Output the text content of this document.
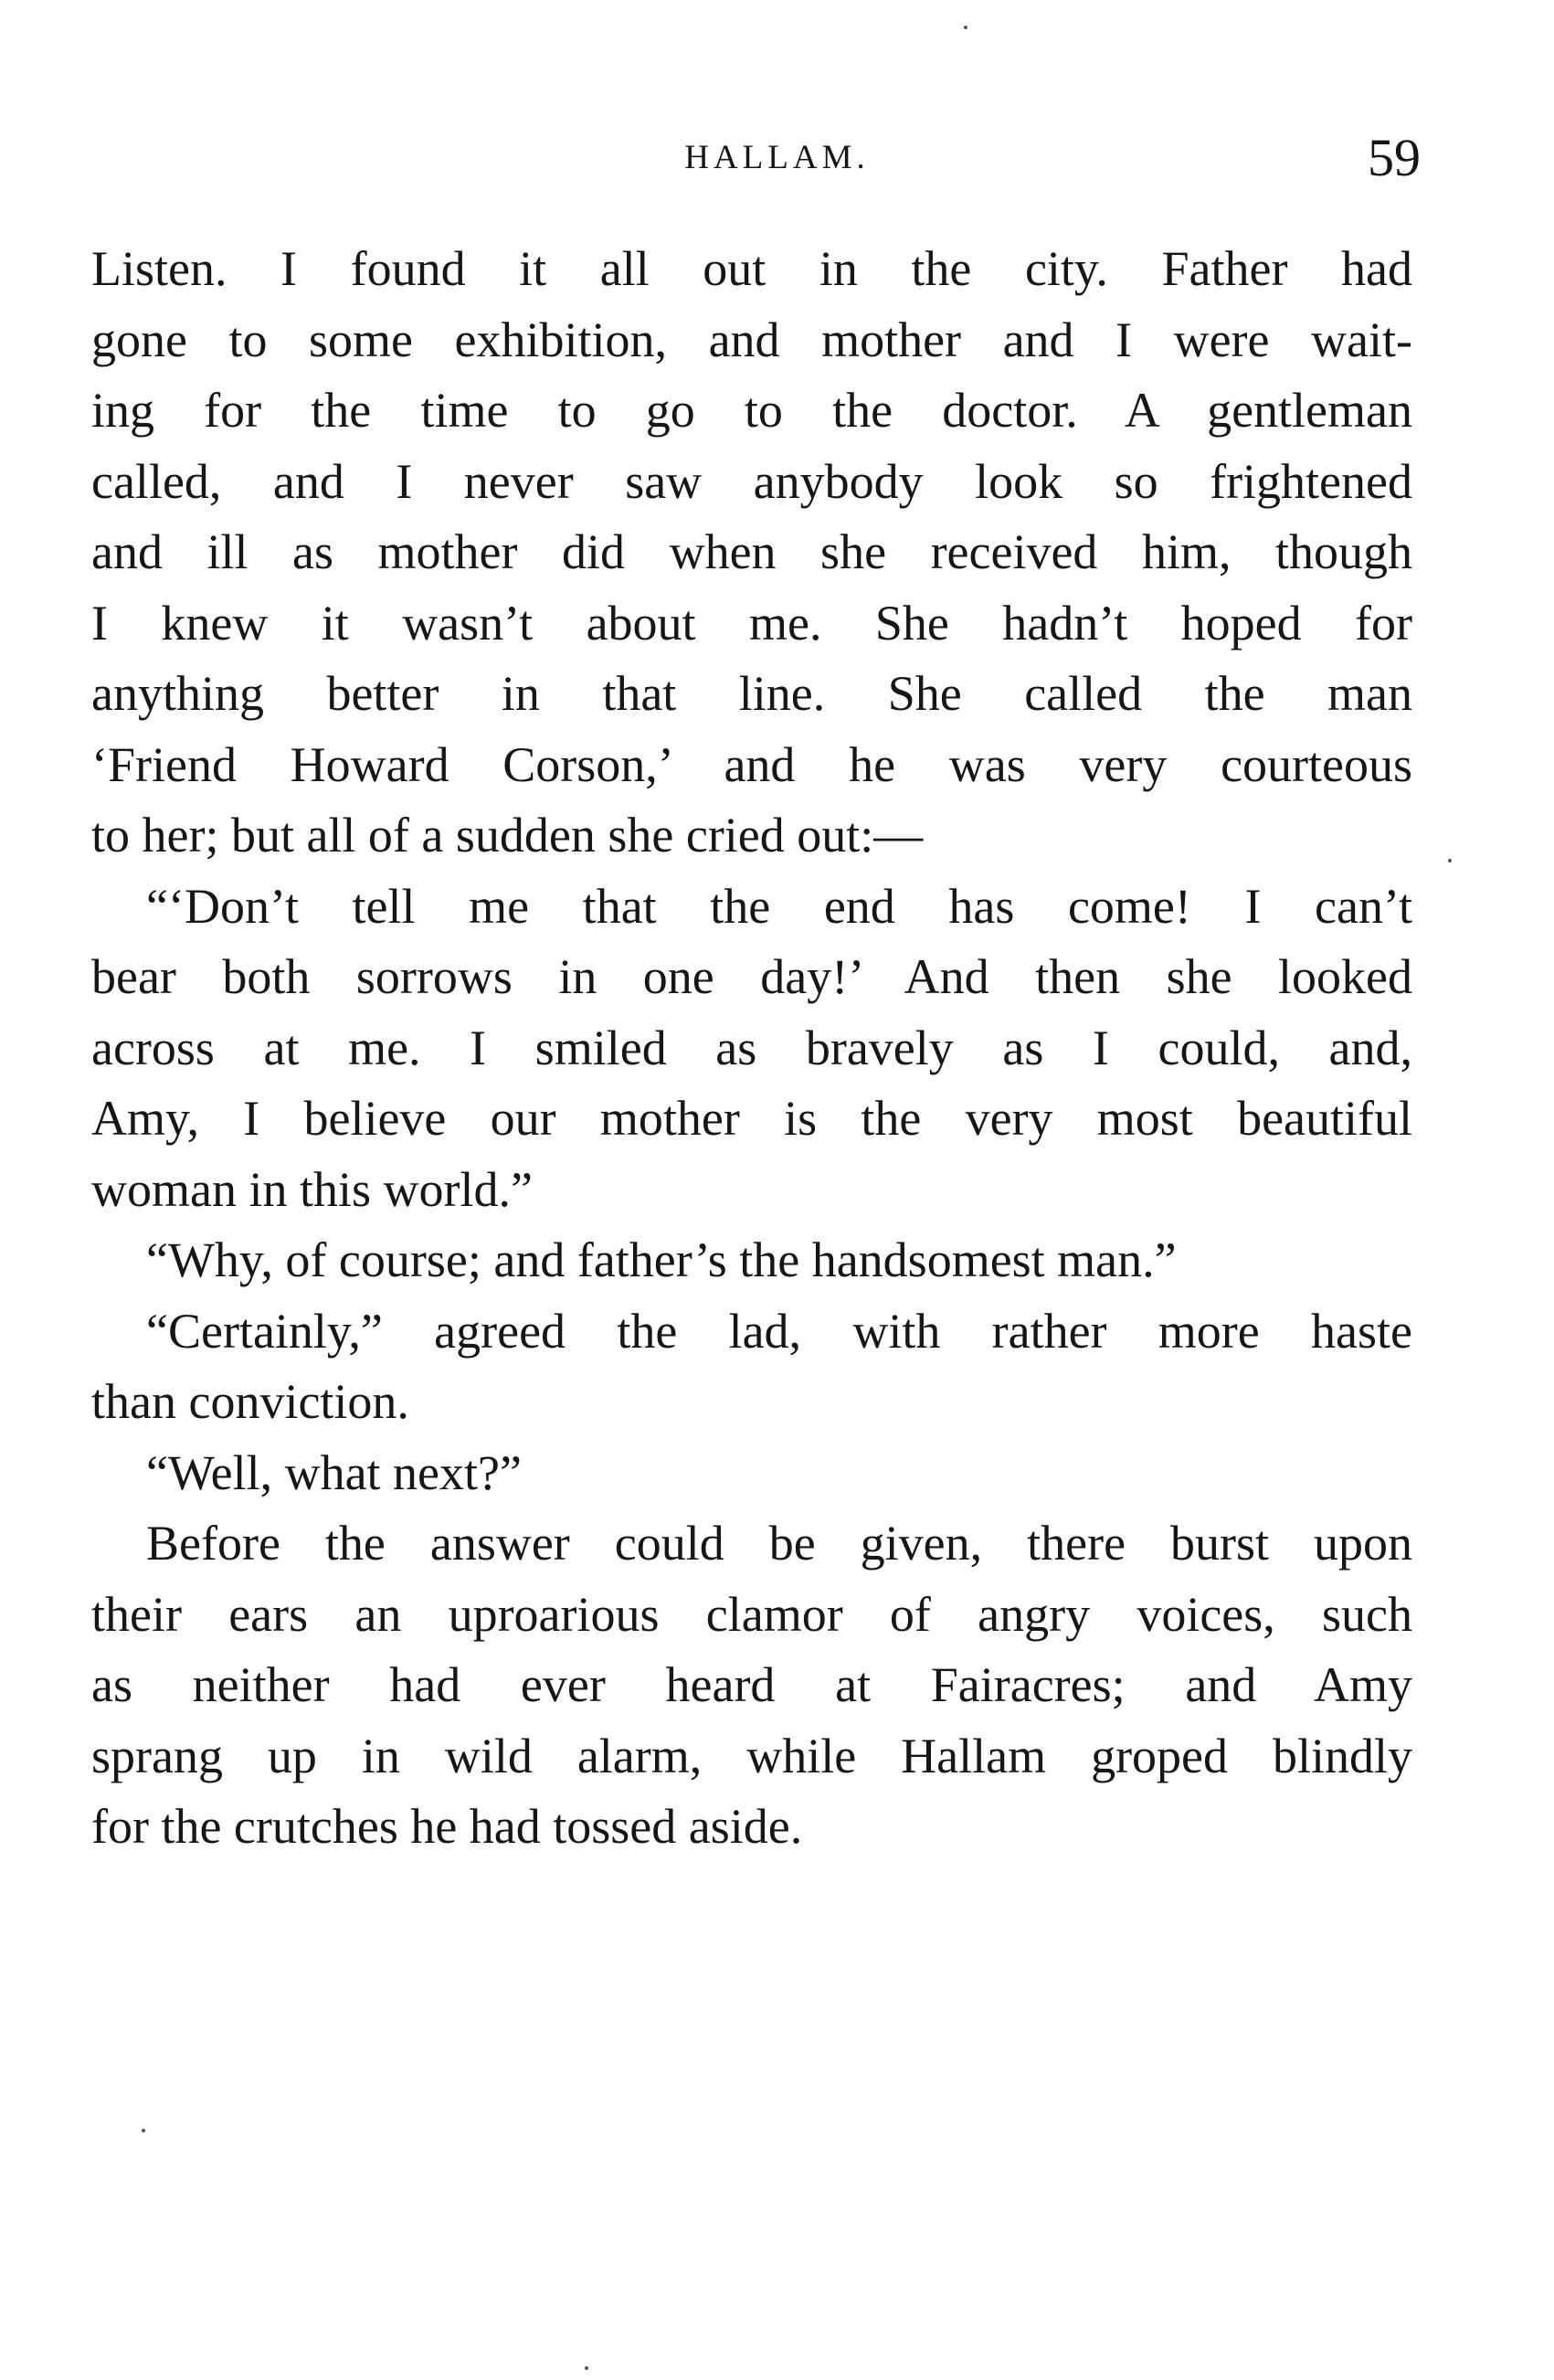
HALLAM.	59
Listen. I found it all out in the city. Father had
gone to some exhibition, and mother and I were wait-
ing for the time to go to the doctor. A gentleman
called, and I never saw anybody look so frightened
and ill as mother did when she received him, though
I knew it wasn’t about me. She hadn’t hoped for
anything better in that line. She called the man
‘Friend Howard Corson,’ and he was very courteous
to her; but all of a sudden she cried out:—
“‘Don’t tell me that the end has come! I can’t
bear both sorrows in one day!’ And then she looked
across at me. I smiled as bravely as I could, and,
Amy, I believe our mother is the very most beautiful
woman in this world.”
“Why, of course; and father’s the handsomest man.”
“Certainly,” agreed the lad, with rather more haste
than conviction.
“Well, what next?”
Before the answer could be given, there burst upon
their ears an uproarious clamor of angry voices, such
as neither had ever heard at Fairacres; and Amy
sprang up in wild alarm, while Hallam groped blindly
for the crutches he had tossed aside.
